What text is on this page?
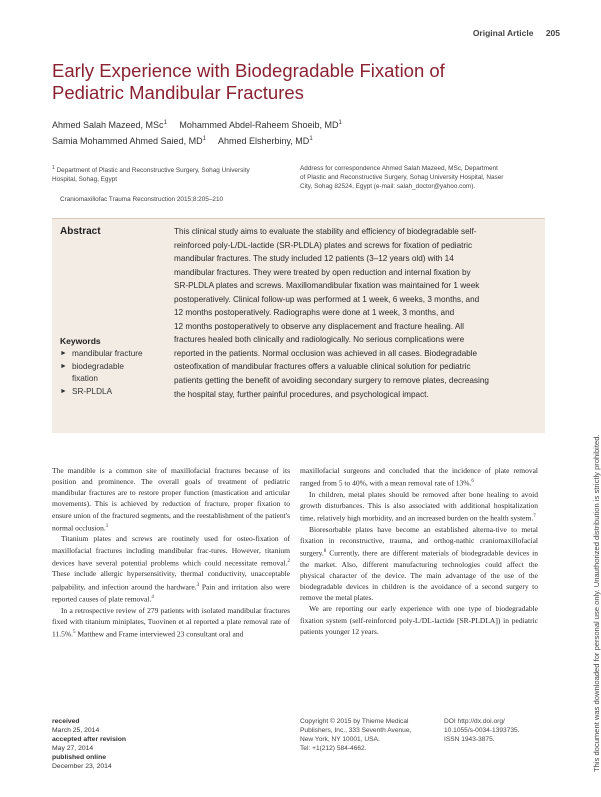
Original Article 205
Early Experience with Biodegradable Fixation of
Pediatric Mandibular Fractures
Ahmed Salah Mazeed, MSc$^1$ Mohammed Abdel-Raheem Shoeib, $MD^1$
Samia Mohammed Ahmed Saied, $MD^1$ Ahmed Elsherbiny, $MD^1$
$^1$ Department of Plastic and Reconstructive Surgery, Sohag University
Hospital, Sohag, Egypt
Craniomaxillofac Trauma Reconstruction 2015;8:205–210
Address for correspondence Ahmed Salah Mazeed, MSc, Department
of Plastic and Reconstructive Surgery, Sohag University Hospital, Naser
City, Sohag 82524, Egypt (e-mail: salah_doctor@yahoo.com).
Abstract	This clinical study aims to evaluate the stability and efficiency of biodegradable self-
reinforced poly-L/DL-lactide (SR-PLDLA) plates and screws for fixation of pediatric
mandibular fractures. The study included 12 patients (3–12 years old) with 14
mandibular fractures. They were treated by open reduction and internal fixation by
SR-PLDLA plates and screws. Maxillomandibular fixation was maintained for 1 week
postoperatively. Clinical follow-up was performed at 1 week, 6 weeks, 3 months, and
12 months postoperatively. Radiographs were done at 1 week, 3 months, and
12 months postoperatively to observe any displacement and fracture healing. All
fractures healed both clinically and radiologically. No serious complications were
reported in the patients. Normal occlusion was achieved in all cases. Biodegradable
osteofixation of mandibular fractures offers a valuable clinical solution for pediatric
patients getting the benefit of avoiding secondary surgery to remove plates, decreasing
the hospital stay, further painful procedures, and psychological impact.
Keywords
► mandibular fracture
► biodegradable
fixation
► SR-PLDLA

The mandible is a common site of maxillofacial fractures because of its position and prominence. The overall goals of treatment of pediatric mandibular fractures are to restore proper function (mastication and articular movements). This is achieved by reduction of fracture, proper fixation to ensure union of the fractured segments, and the reestablishment of the patient's normal occlusion.$^1$

Titanium plates and screws are routinely used for osteo-fixation of maxillofacial fractures including mandibular frac-tures. However, titanium devices have several potential problems which could necessitate removal.$^2$ These include allergic hypersensitivity, thermal conductivity, unacceptable palpability, and infection around the hardware.$^3$ Pain and irritation also were reported causes of plate removal.$^4$

In a retrospective review of 279 patients with isolated mandibular fractures fixed with titanium miniplates, Tuovinen et al reported a plate removal rate of 11.5%.$^5$ Matthew and Frame interviewed 23 consultant oral and

maxillofacial surgeons and concluded that the incidence of plate removal ranged from 5 to 40%, with a mean removal rate of 13%.$^6$

In children, metal plates should be removed after bone healing to avoid growth disturbances. This is also associated with additional hospitalization time, relatively high morbidity, and an increased burden on the health system.$^7$

Bioresorbable plates have become an established alterna-tive to metal fixation in reconstructive, trauma, and orthog-nathic craniomaxillofacial surgery.$^8$ Currently, there are different materials of biodegradable devices in the market. Also, different manufacturing technologies could affect the physical character of the device. The main advantage of the use of the biodegradable devices in children is the avoidance of a second surgery to remove the metal plates.

We are reporting our early experience with one type of biodegradable fixation system (self-reinforced poly-L/DL-lactide [SR-PLDLA]) in pediatric patients younger 12 years.

received
March 25, 2014
accepted after revision
May 27, 2014
published online
December 23, 2014
Copyright © 2015 by Thieme Medical
Publishers, Inc., 333 Seventh Avenue,
New York, NY 10001, USA.
Tel: +1(212) 584-4662.
DOI http://dx.doi.org/
10.1055/s-0034-1393735.
ISSN 1943-3875.	This document was downloaded for personal use only. Unauthorized distribution is strictly prohibited.
